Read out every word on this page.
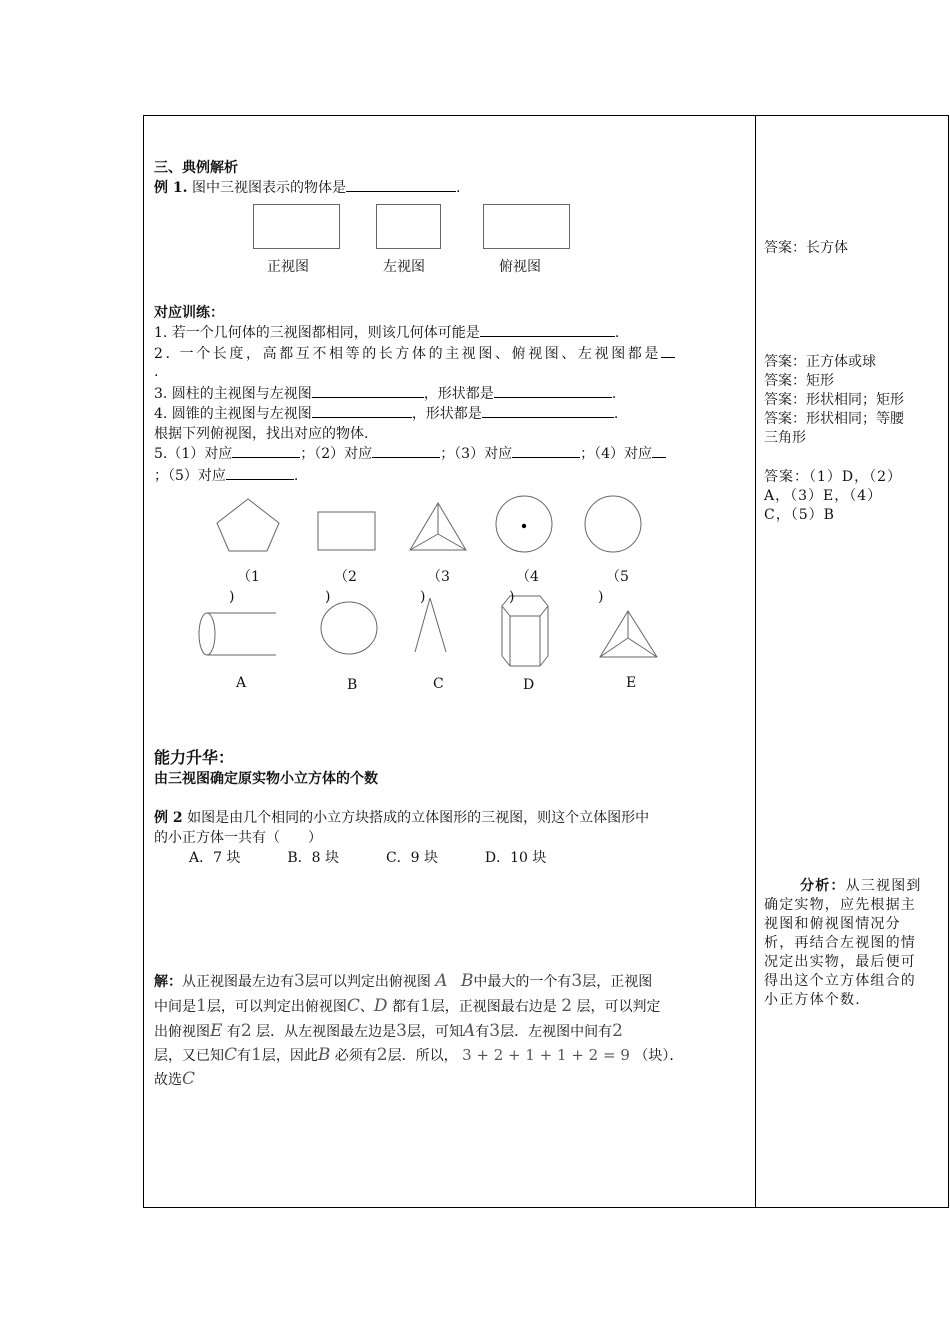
三、典例解析
例 1. 图中三视图表示的物体是	.
正视图	左视图	俯视图
对应训练：
1. 若一个几何体的三视图都相同，则该几何体可能是	.
2. 一个长度，高都互不相等的长方体的主视图、俯视图、左视图都是
.
3. 圆柱的主视图与左视图	，形状都是	.
4. 圆锥的主视图与左视图	，形状都是	.
根据下列俯视图，找出对应的物体.
5.（1）对应	；（2）对应	；（3）对应	；（4）对应
；（5）对应	.
（1
)
（2
)
（3
)
（4
)
（5
)
A	B	C	D	E
能力升华：
由三视图确定原实物小立方体的个数
例 2 如图是由几个相同的小立方块搭成的立体图形的三视图，则这个立体图形中
的小正方体一共有（　　）
A．7 块	B．8 块	C．9 块	D．10 块
解：从正视图最左边有3层可以判定出俯视图 A B中最大的一个有3层，正视图
中间是1层，可以判定出俯视图C、D 都有1层，正视图最右边是 2 层，可以判定
出俯视图E 有2 层．从左视图最左边是3层，可知A有3层．左视图中间有2
层，又已知C有1层，因此B 必须有2层．所以， 3 + 2 + 1 + 1 + 2 = 9 （块）．
故选C
答案：长方体
答案：正方体或球
答案：矩形
答案：形状相同；矩形
答案：形状相同；等腰
三角形
答案：（1）D，（2）
A，（3）E，（4）
C，（5）B
分析：从三视图到
确定实物，应先根据主
视图和俯视图情况分
析，再结合左视图的情
况定出实物，最后便可
得出这个立方体组合的
小正方体个数.
